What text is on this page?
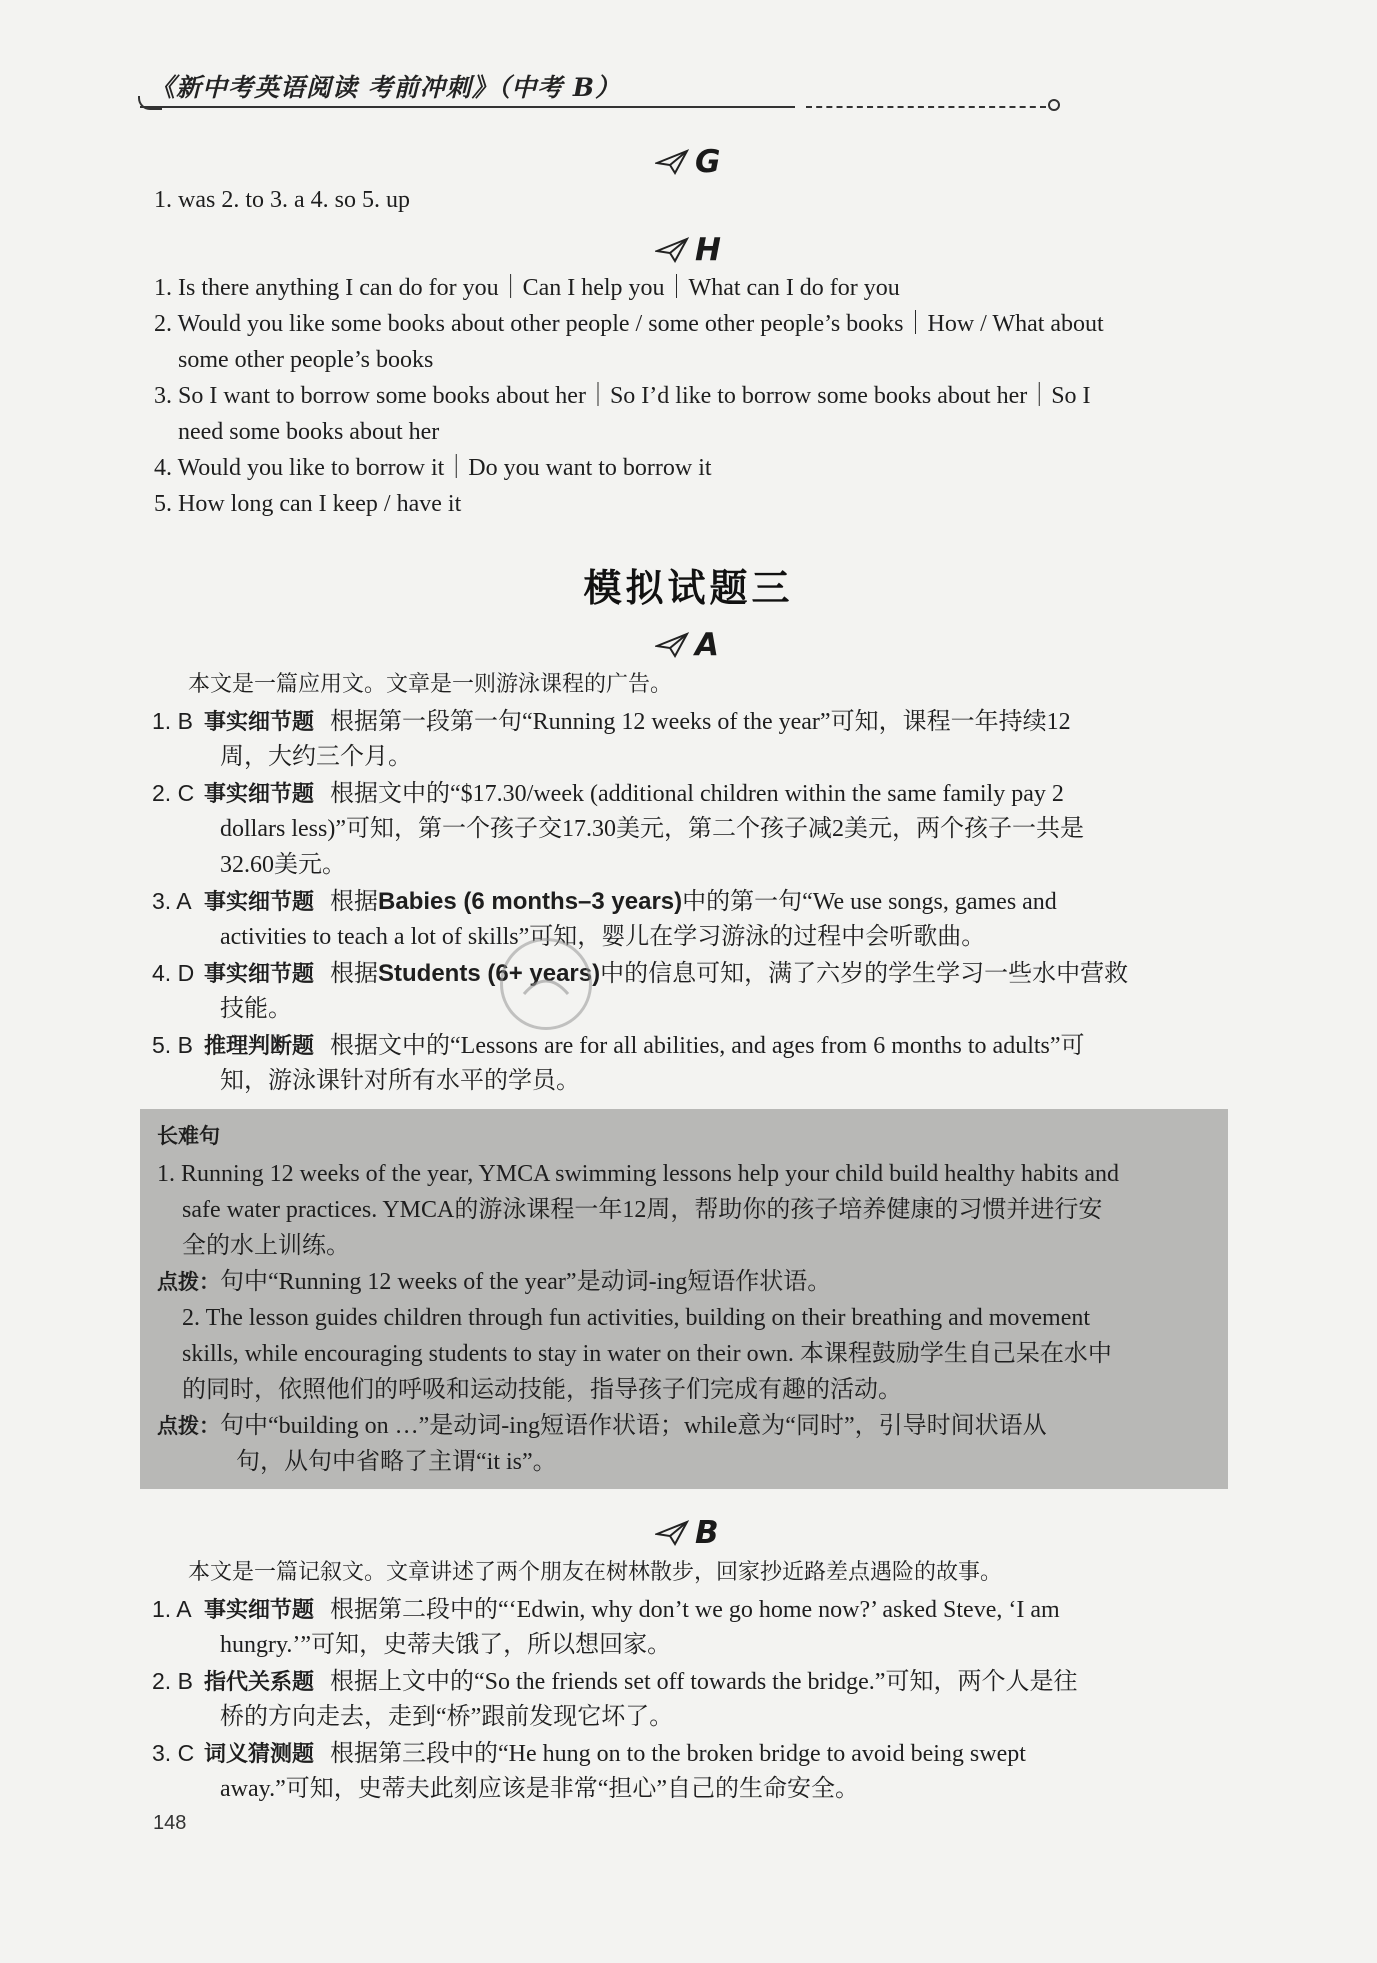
《新中考英语阅读 考前冲刺》（中考 B）
G
1. was 2. to 3. a 4. so 5. up
H
1. Is there anything I can do for you｜Can I help you｜What can I do for you
2. Would you like some books about other people / some other people’s books｜How / What about
some other people’s books
3. So I want to borrow some books about her｜So I’d like to borrow some books about her｜So I
need some books about her
4. Would you like to borrow it｜Do you want to borrow it
5. How long can I keep / have it
模拟试题三
A
本文是一篇应用文。文章是一则游泳课程的广告。
1. B 事实细节题 根据第一段第一句“Running 12 weeks of the year”可知，课程一年持续12
周，大约三个月。
2. C 事实细节题 根据文中的“$17.30/week (additional children within the same family pay 2
dollars less)”可知，第一个孩子交17.30美元，第二个孩子减2美元，两个孩子一共是
32.60美元。
3. A 事实细节题 根据Babies (6 months–3 years)中的第一句“We use songs, games and
activities to teach a lot of skills”可知，婴儿在学习游泳的过程中会听歌曲。
4. D 事实细节题 根据Students (6+ years)中的信息可知，满了六岁的学生学习一些水中营救
技能。
5. B 推理判断题 根据文中的“Lessons are for all abilities, and ages from 6 months to adults”可
知，游泳课针对所有水平的学员。
长难句
1. Running 12 weeks of the year, YMCA swimming lessons help your child build healthy habits and
safe water practices. YMCA的游泳课程一年12周，帮助你的孩子培养健康的习惯并进行安
全的水上训练。
点拨：句中“Running 12 weeks of the year”是动词-ing短语作状语。
2. The lesson guides children through fun activities, building on their breathing and movement
skills, while encouraging students to stay in water on their own. 本课程鼓励学生自己呆在水中
的同时，依照他们的呼吸和运动技能，指导孩子们完成有趣的活动。
点拨：句中“building on …”是动词-ing短语作状语；while意为“同时”，引导时间状语从
句，从句中省略了主谓“it is”。
B
本文是一篇记叙文。文章讲述了两个朋友在树林散步，回家抄近路差点遇险的故事。
1. A 事实细节题 根据第二段中的“‘Edwin, why don’t we go home now?’ asked Steve, ‘I am
hungry.’”可知，史蒂夫饿了，所以想回家。
2. B 指代关系题 根据上文中的“So the friends set off towards the bridge.”可知，两个人是往
桥的方向走去，走到“桥”跟前发现它坏了。
3. C 词义猜测题 根据第三段中的“He hung on to the broken bridge to avoid being swept
away.”可知，史蒂夫此刻应该是非常“担心”自己的生命安全。
148
